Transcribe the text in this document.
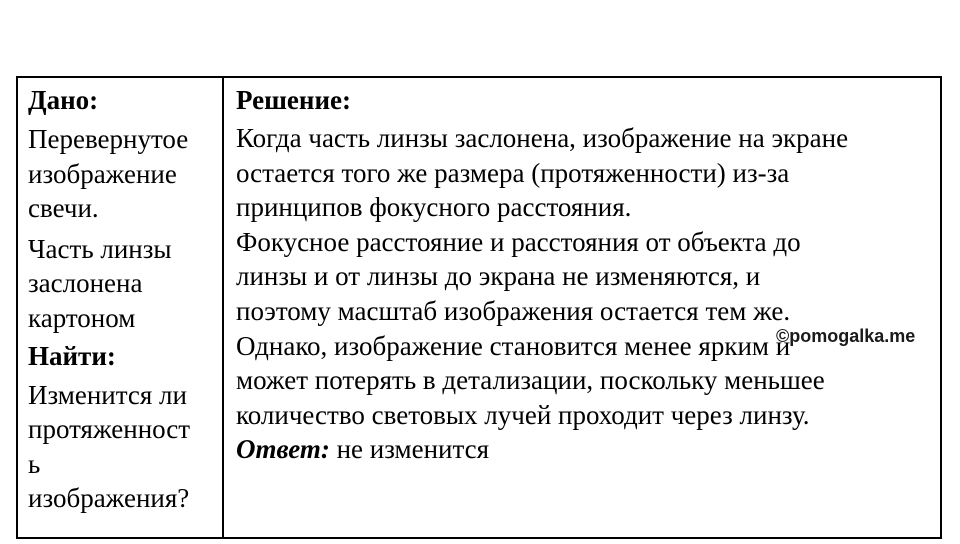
Дано:

Перевернутое
изображение
свечи.

Часть линзы
заслонена
картоном

Найти:

Изменится ли
протяженност
ь
изображения?

Решение:

Когда часть линзы заслонена, изображение на экране
остается того же размера (протяженности) из-за
принципов фокусного расстояния.
Фокусное расстояние и расстояния от объекта до
линзы и от линзы до экрана не изменяются, и
поэтому масштаб изображения остается тем же.
Однако, изображение становится менее ярким и
может потерять в детализации, поскольку меньшее
количество световых лучей проходит через линзу.

Ответ: не изменится

©pomogalka.me
